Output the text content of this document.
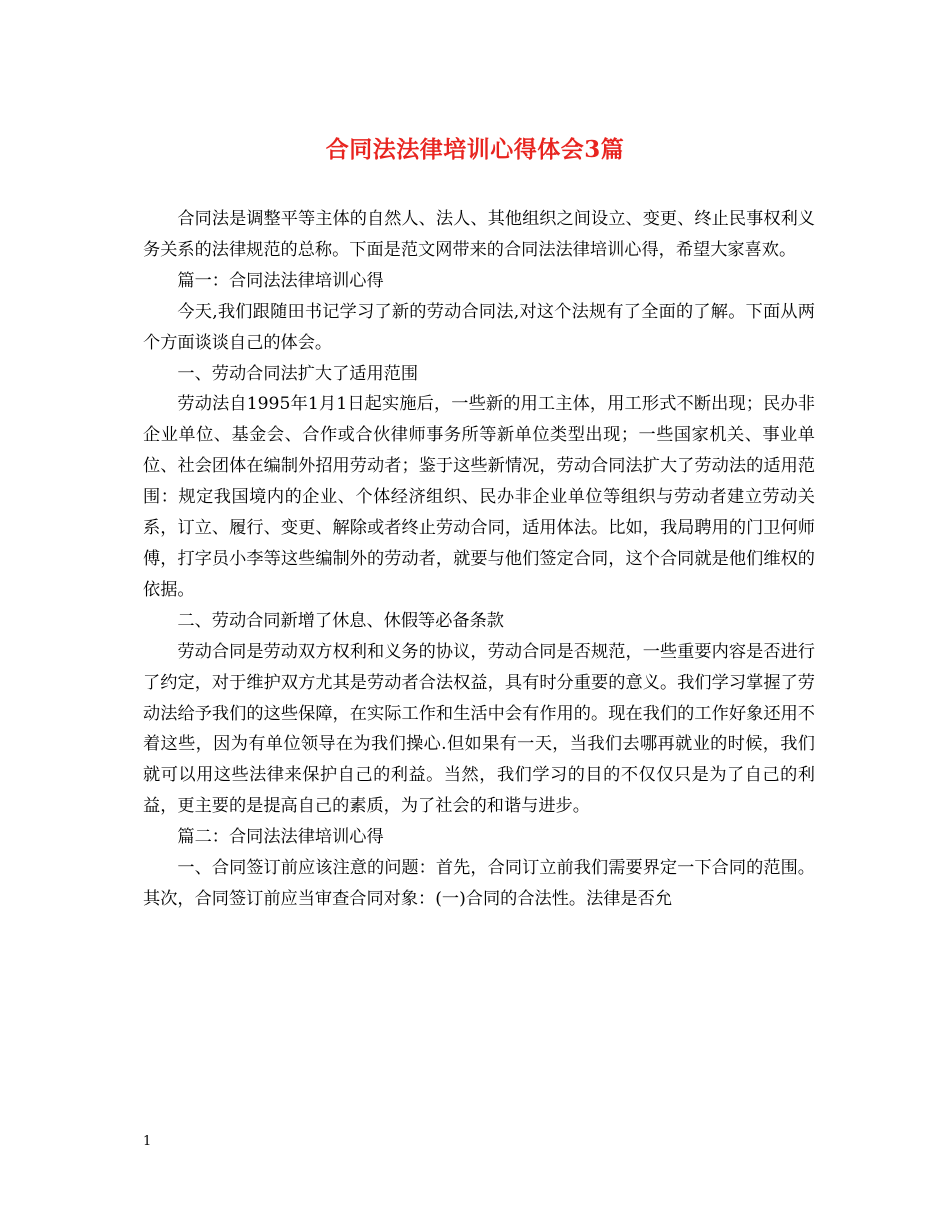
合同法法律培训心得体会3篇

合同法是调整平等主体的自然人、法人、其他组织之间设立、变更、终止民事权利义务关系的法律规范的总称。下面是范文网带来的合同法法律培训心得，希望大家喜欢。

篇一：合同法法律培训心得

今天,我们跟随田书记学习了新的劳动合同法,对这个法规有了全面的了解。下面从两个方面谈谈自己的体会。

一、劳动合同法扩大了适用范围

劳动法自1995年1月1日起实施后，一些新的用工主体，用工形式不断出现；民办非企业单位、基金会、合作或合伙律师事务所等新单位类型出现；一些国家机关、事业单位、社会团体在编制外招用劳动者；鉴于这些新情况，劳动合同法扩大了劳动法的适用范围：规定我国境内的企业、个体经济组织、民办非企业单位等组织与劳动者建立劳动关系，订立、履行、变更、解除或者终止劳动合同，适用体法。比如，我局聘用的门卫何师傅，打字员小李等这些编制外的劳动者，就要与他们签定合同，这个合同就是他们维权的依据。

二、劳动合同新增了休息、休假等必备条款

劳动合同是劳动双方权利和义务的协议，劳动合同是否规范，一些重要内容是否进行了约定，对于维护双方尤其是劳动者合法权益，具有时分重要的意义。我们学习掌握了劳动法给予我们的这些保障，在实际工作和生活中会有作用的。现在我们的工作好象还用不着这些，因为有单位领导在为我们操心.但如果有一天，当我们去哪再就业的时候，我们就可以用这些法律来保护自己的利益。当然，我们学习的目的不仅仅只是为了自己的利益，更主要的是提高自己的素质，为了社会的和谐与进步。

篇二：合同法法律培训心得

一、合同签订前应该注意的问题：首先，合同订立前我们需要界定一下合同的范围。其次，合同签订前应当审查合同对象：(一)合同的合法性。法律是否允

1
